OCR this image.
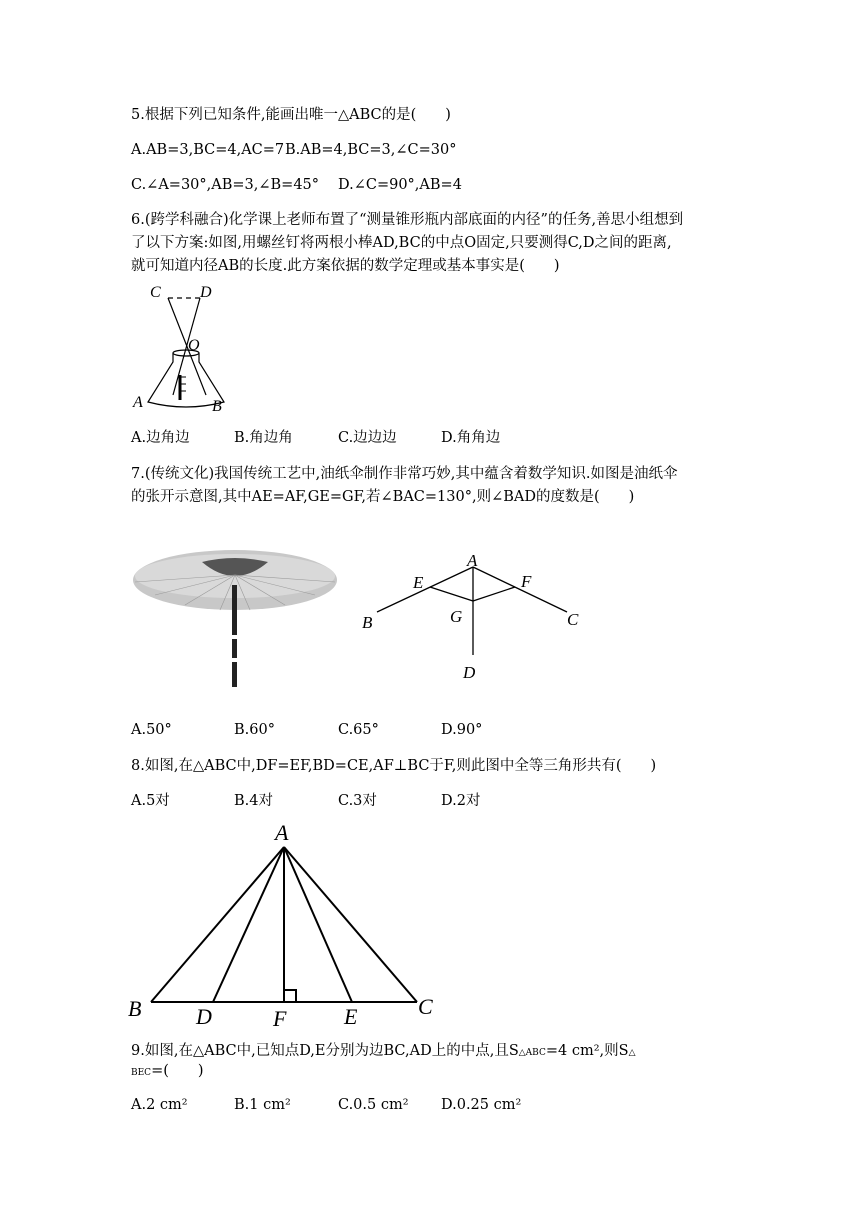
5.根据下列已知条件,能画出唯一△ABC的是(　　)
A.AB=3,BC=4,AC=7 B.AB=4,BC=3,∠C=30°
C.∠A=30°,AB=3,∠B=45° D.∠C=90°,AB=4
6.(跨学科融合)化学课上老师布置了“测量锥形瓶内部底面的内径”的任务,善思小组想到
了以下方案:如图,用螺丝钉将两根小棒AD,BC的中点O固定,只要测得C,D之间的距离,
就可知道内径AB的长度.此方案依据的数学定理或基本事实是(　　)
C D
O
A	B
A.边角边	B.角边角	C.边边边	D.角角边
7.(传统文化)我国传统工艺中,油纸伞制作非常巧妙,其中蕴含着数学知识.如图是油纸伞
的张开示意图,其中AE=AF,GE=GF,若∠BAC=130°,则∠BAD的度数是(　　)
A
E	F
G
B	C
D
A.50°	B.60°	C.65°	D.90°
8.如图,在△ABC中,DF=EF,BD=CE,AF⊥BC于F,则此图中全等三角形共有(　　)
A.5对	B.4对	C.3对	D.2对
A
B	C
D	F	E
9.如图,在△ABC中,已知点D,E分别为边BC,AD上的中点,且S△ABC=4 cm²,则S△
BEC=(　　)
A.2 cm²	B.1 cm²	C.0.5 cm² D.0.25 cm²
